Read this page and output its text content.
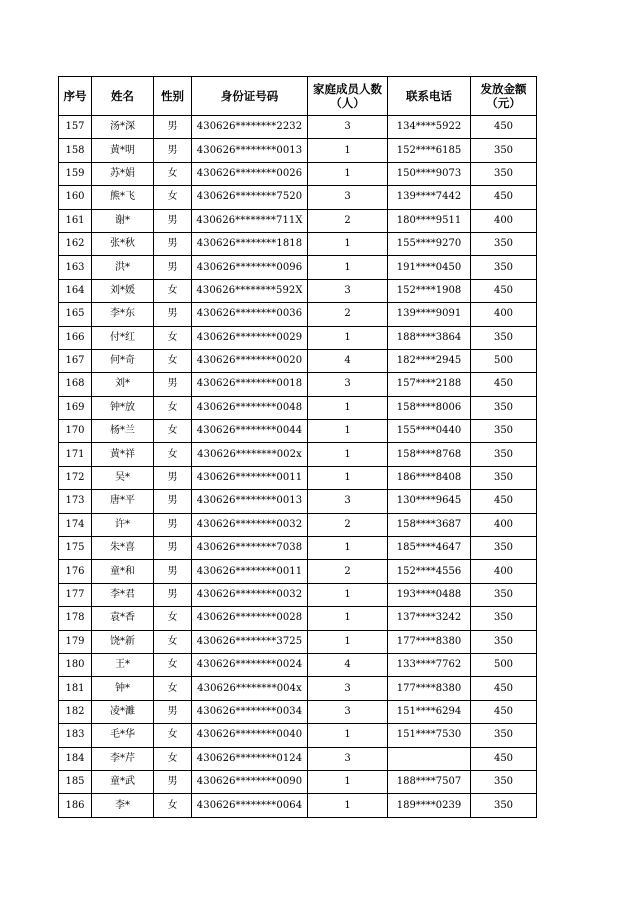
序号	姓名	性别	身份证号码	家庭成员人数（人）	联系电话	发放金额（元）
157	汤*深	男	430626********2232	3	134****5922	450
158	黄*明	男	430626********0013	1	152****6185	350
159	苏*娟	女	430626********0026	1	150****9073	350
160	熊*飞	女	430626********7520	3	139****7442	450
161	谢*	男	430626********711X	2	180****9511	400
162	张*秋	男	430626********1818	1	155****9270	350
163	洪*	男	430626********0096	1	191****0450	350
164	刘*媛	女	430626********592X	3	152****1908	450
165	李*东	男	430626********0036	2	139****9091	400
166	付*红	女	430626********0029	1	188****3864	350
167	何*奇	女	430626********0020	4	182****2945	500
168	刘*	男	430626********0018	3	157****2188	450
169	钟*放	女	430626********0048	1	158****8006	350
170	杨*兰	女	430626********0044	1	155****0440	350
171	黄*祥	女	430626********002x	1	158****8768	350
172	吴*	男	430626********0011	1	186****8408	350
173	唐*平	男	430626********0013	3	130****9645	450
174	许*	男	430626********0032	2	158****3687	400
175	朱*喜	男	430626********7038	1	185****4647	350
176	童*和	男	430626********0011	2	152****4556	400
177	李*君	男	430626********0032	1	193****0488	350
178	袁*香	女	430626********0028	1	137****3242	350
179	饶*新	女	430626********3725	1	177****8380	350
180	王*	女	430626********0024	4	133****7762	500
181	钟*	女	430626********004x	3	177****8380	450
182	凌*濉	男	430626********0034	3	151****6294	450
183	毛*华	女	430626********0040	1	151****7530	350
184	李*芹	女	430626********0124	3		450
185	童*武	男	430626********0090	1	188****7507	350
186	李*	女	430626********0064	1	189****0239	350
